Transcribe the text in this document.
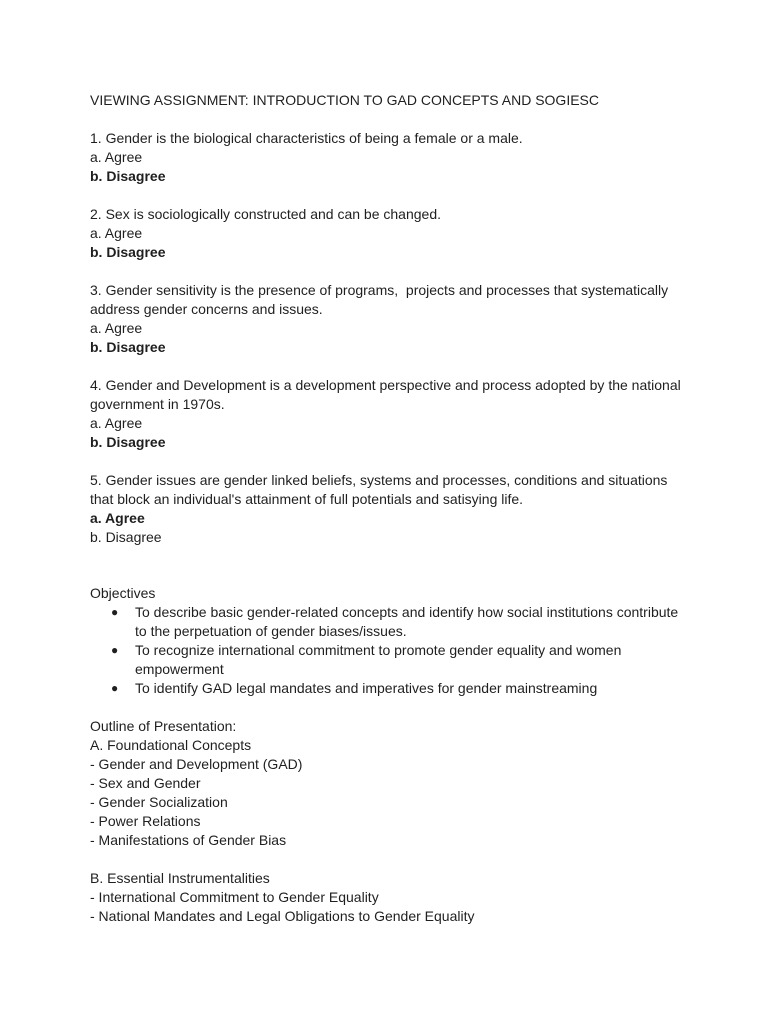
VIEWING ASSIGNMENT: INTRODUCTION TO GAD CONCEPTS AND SOGIESC
1. Gender is the biological characteristics of being a female or a male.
a. Agree
b. Disagree
2. Sex is sociologically constructed and can be changed.
a. Agree
b. Disagree
3. Gender sensitivity is the presence of programs,  projects and processes that systematically address gender concerns and issues.
a. Agree
b. Disagree
4. Gender and Development is a development perspective and process adopted by the national government in 1970s.
a. Agree
b. Disagree
5. Gender issues are gender linked beliefs, systems and processes, conditions and situations that block an individual's attainment of full potentials and satisying life.
a. Agree
b. Disagree
Objectives
● To describe basic gender-related concepts and identify how social institutions contribute to the perpetuation of gender biases/issues.
● To recognize international commitment to promote gender equality and women empowerment
● To identify GAD legal mandates and imperatives for gender mainstreaming
Outline of Presentation:
A. Foundational Concepts
- Gender and Development (GAD)
- Sex and Gender
- Gender Socialization
- Power Relations
- Manifestations of Gender Bias
B. Essential Instrumentalities
- International Commitment to Gender Equality
- National Mandates and Legal Obligations to Gender Equality
